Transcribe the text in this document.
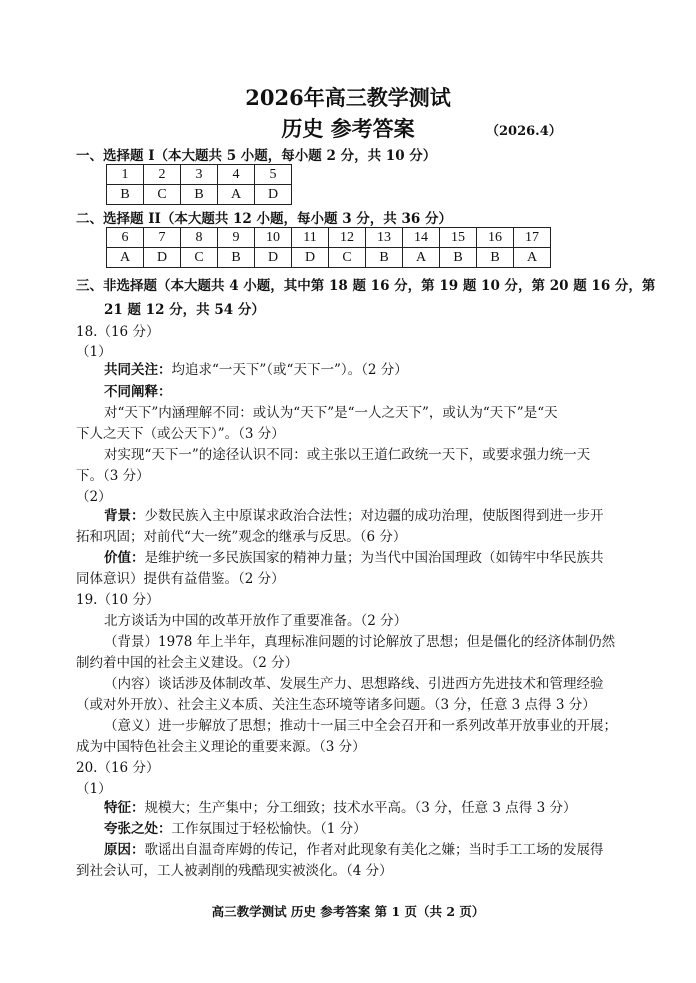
2026年高三教学测试
历史 参考答案	（2026.4）
一、选择题 I（本大题共 5 小题，每小题 2 分，共 10 分）
1	2	3	4	5
B	C	B	A	D
二、选择题 II（本大题共 12 小题，每小题 3 分，共 36 分）
6	7	8	9	10	11	12	13	14	15	16	17
A	D	C	B	D	D	C	B	A	B	B	A
三、非选择题（本大题共 4 小题，其中第 18 题 16 分，第 19 题 10 分，第 20 题 16 分，第
21 题 12 分，共 54 分）
18.（16 分）
（1）
共同关注：均追求“一天下”（或“天下一”）。（2 分）
不同阐释：
对“天下”内涵理解不同：或认为“天下”是“一人之天下”，或认为“天下”是“天
下人之天下（或公天下）”。（3 分）
对实现“天下一”的途径认识不同：或主张以王道仁政统一天下，或要求强力统一天
下。（3 分）
（2）
背景：少数民族入主中原谋求政治合法性；对边疆的成功治理，使版图得到进一步开
拓和巩固；对前代“大一统”观念的继承与反思。（6 分）
价值：是维护统一多民族国家的精神力量；为当代中国治国理政（如铸牢中华民族共
同体意识）提供有益借鉴。（2 分）
19.（10 分）
北方谈话为中国的改革开放作了重要准备。（2 分）
（背景）1978 年上半年，真理标准问题的讨论解放了思想；但是僵化的经济体制仍然
制约着中国的社会主义建设。（2 分）
（内容）谈话涉及体制改革、发展生产力、思想路线、引进西方先进技术和管理经验
（或对外开放）、社会主义本质、关注生态环境等诸多问题。（3 分，任意 3 点得 3 分）
（意义）进一步解放了思想；推动十一届三中全会召开和一系列改革开放事业的开展；
成为中国特色社会主义理论的重要来源。（3 分）
20.（16 分）
（1）
特征：规模大；生产集中；分工细致；技术水平高。（3 分，任意 3 点得 3 分）
夸张之处：工作氛围过于轻松愉快。（1 分）
原因：歌谣出自温奇库姆的传记，作者对此现象有美化之嫌；当时手工工场的发展得
到社会认可，工人被剥削的残酷现实被淡化。（4 分）
高三教学测试 历史 参考答案 第 1 页（共 2 页）
